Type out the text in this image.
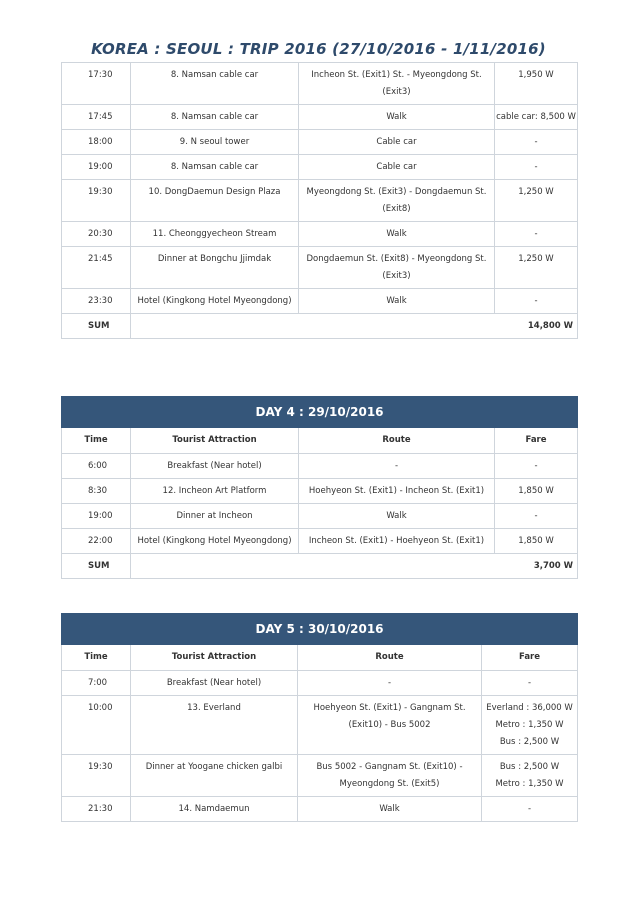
KOREA : SEOUL : TRIP 2016 (27/10/2016 - 1/11/2016)
17:30	8. Namsan cable car	Incheon St. (Exit1) St. - Myeongdong St. (Exit3)	1,950 W

17:45	8. Namsan cable car	Walk	cable car: 8,500 W

18:00	9. N seoul tower	Cable car	-

19:00	8. Namsan cable car	Cable car	-

19:30	10. DongDaemun Design Plaza	Myeongdong St. (Exit3) - Dongdaemun St. (Exit8)	1,250 W

20:30	11. Cheonggyecheon Stream	Walk	-

21:45	Dinner at Bongchu Jjimdak	Dongdaemun St. (Exit8) - Myeongdong St. (Exit3)	1,250 W

23:30	Hotel (Kingkong Hotel Myeongdong)	Walk	-

SUM	14,800 W		
DAY 4 : 29/10/2016			
Time	Tourist Attraction	Route	Fare
6:00	Breakfast (Near hotel)	-	-

8:30	12. Incheon Art Platform	Hoehyeon St. (Exit1) - Incheon St. (Exit1)	1,850 W

19:00	Dinner at Incheon	Walk	-

22:00	Hotel (Kingkong Hotel Myeongdong)	Incheon St. (Exit1) - Hoehyeon St. (Exit1)	1,850 W

SUM	3,700 W		
DAY 5 : 30/10/2016			
Time	Tourist Attraction	Route	Fare
7:00	Breakfast (Near hotel)	-	-

10:00	13. Everland	Hoehyeon St. (Exit1) - Gangnam St. (Exit10) - Bus 5002	Everland : 36,000 W
Metro : 1,350 W
Bus : 2,500 W

19:30	Dinner at Yoogane chicken galbi	Bus 5002 - Gangnam St. (Exit10) - Myeongdong St. (Exit5)	Bus : 2,500 W
Metro : 1,350 W

21:30	14. Namdaemun	Walk	-
